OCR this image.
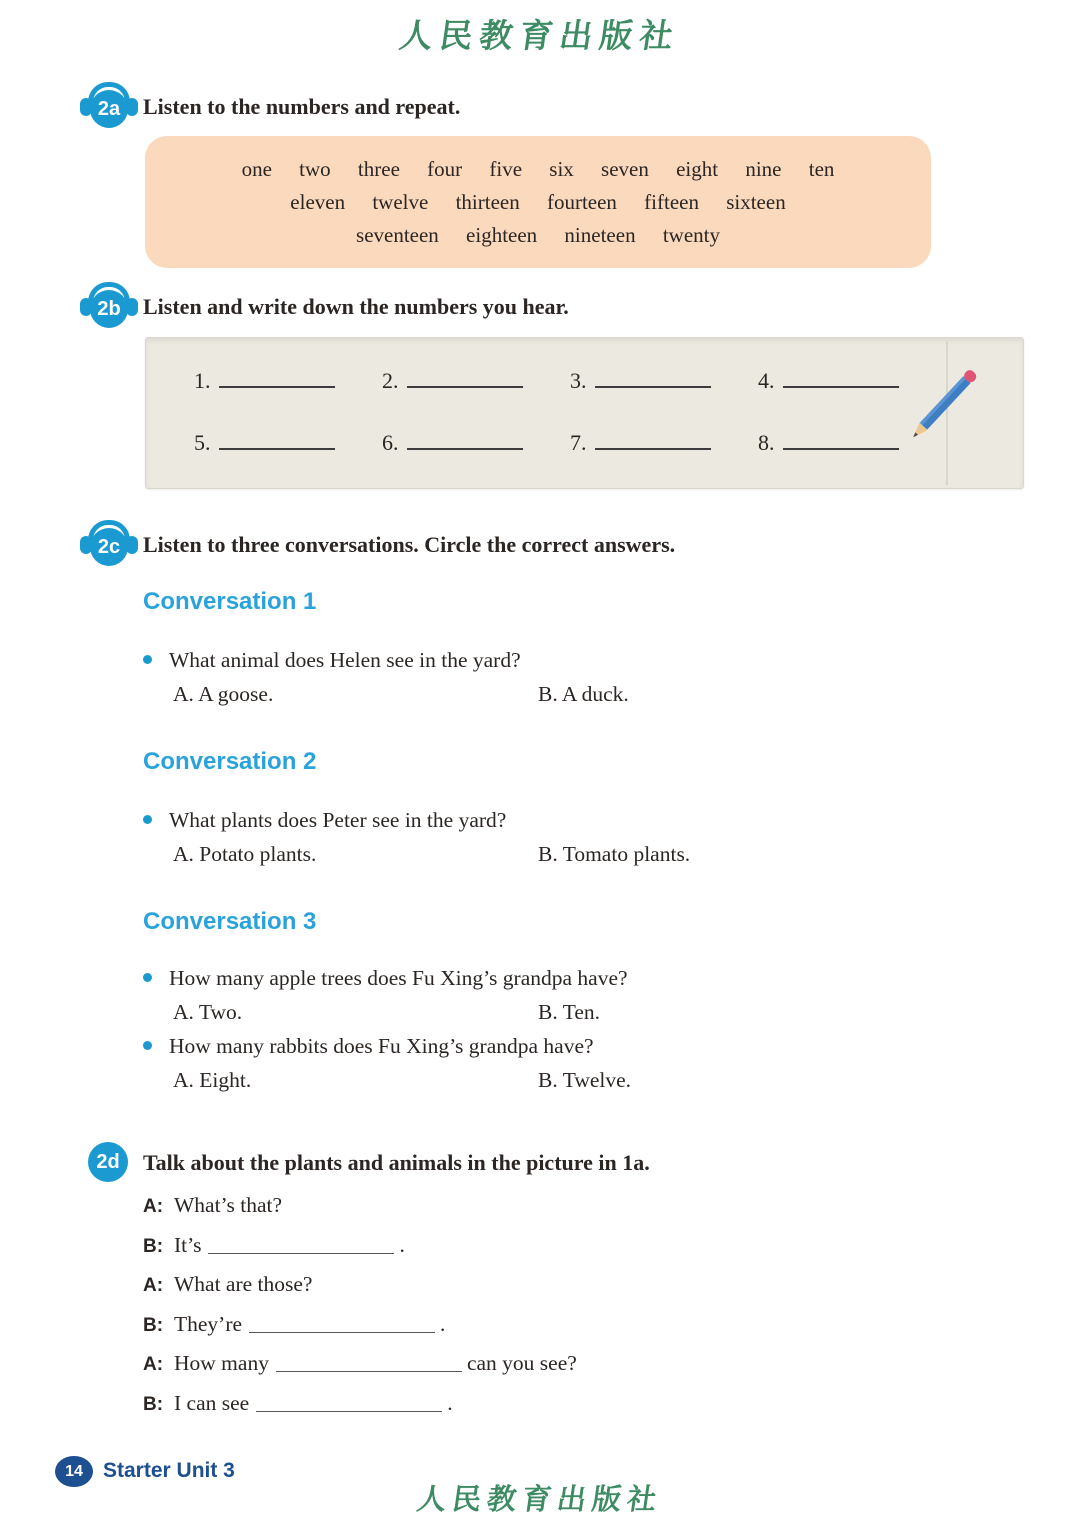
人民教育出版社
2a	Listen to the numbers and repeat.
one two three four five six seven eight nine ten
eleven twelve thirteen fourteen fifteen sixteen
seventeen eighteen nineteen twenty
2b	Listen and write down the numbers you hear.
1.	2.	3.	4.
5.	6.	7.	8.
2c	Listen to three conversations. Circle the correct answers.
Conversation 1
What animal does Helen see in the yard?
A. A goose.	B. A duck.
Conversation 2
What plants does Peter see in the yard?
A. Potato plants.	B. Tomato plants.
Conversation 3
How many apple trees does Fu Xing’s grandpa have?
A. Two.	B. Ten.
How many rabbits does Fu Xing’s grandpa have?
A. Eight.	B. Twelve.
2d	Talk about the plants and animals in the picture in 1a.
A: What’s that?
B: It’s	.
A: What are those?
B: They’re	.
A: How many	can you see?
B: I can see	.
14 Starter Unit 3
人民教育出版社
